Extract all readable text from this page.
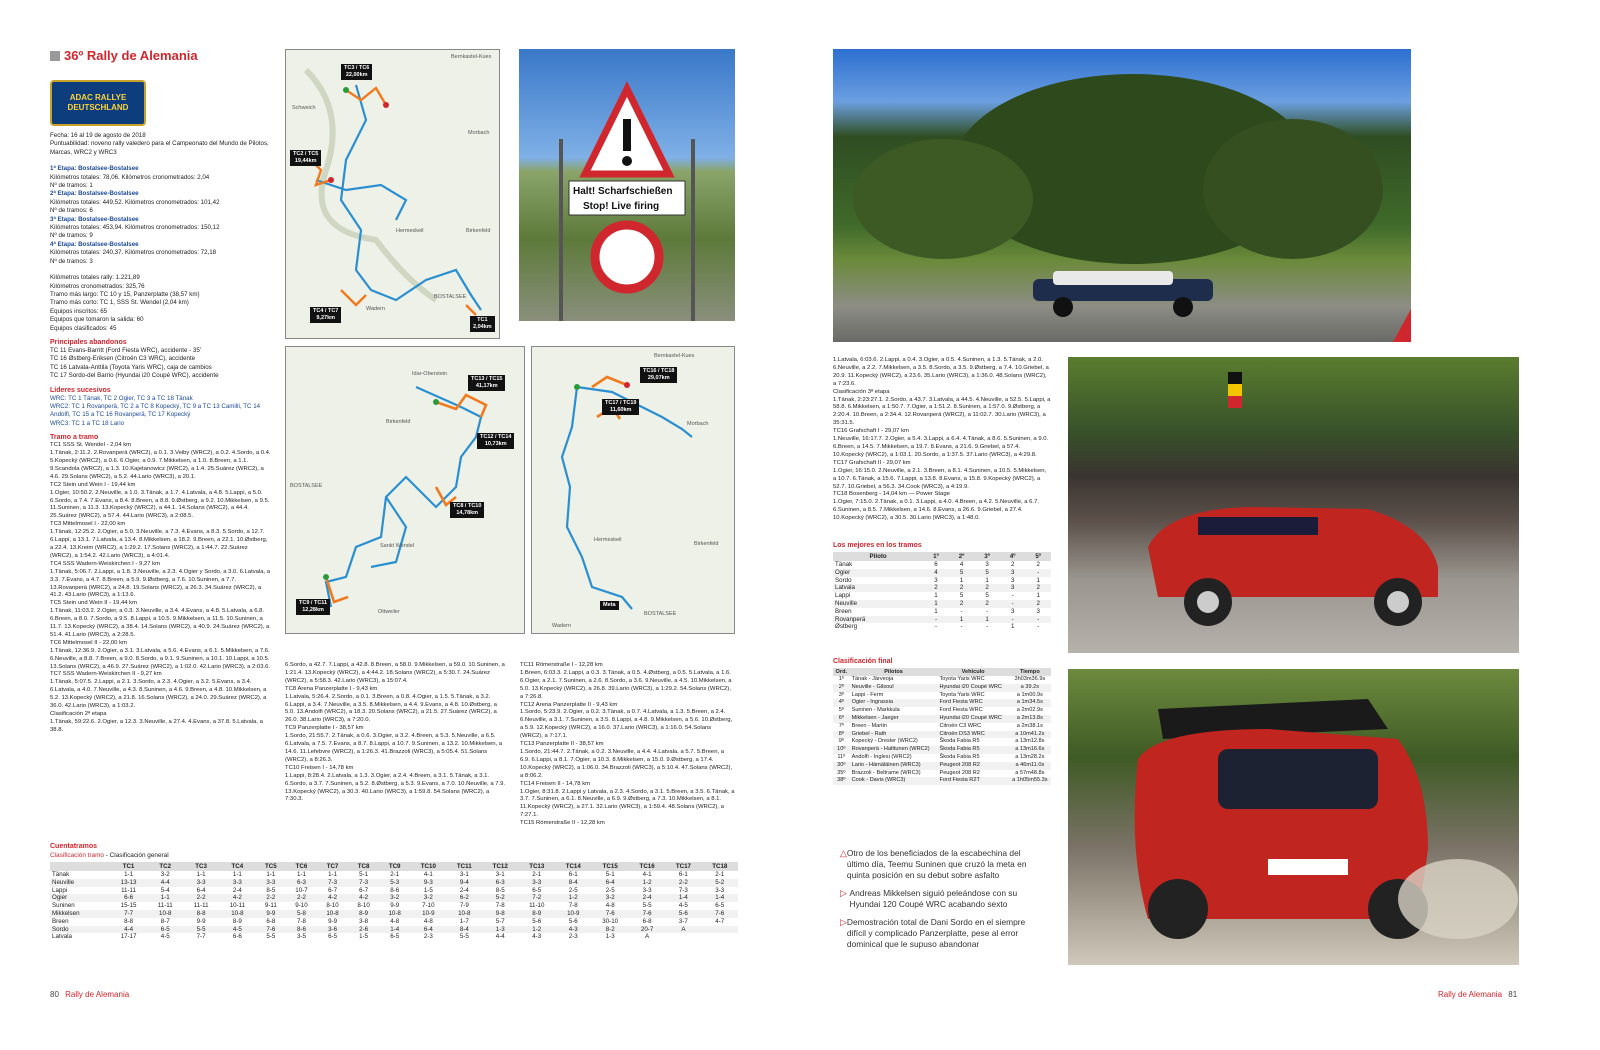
36º Rally de Alemania
ADAC RALLYE DEUTSCHLAND
Fecha: 16 al 19 de agosto de 2018
Puntuabilidad: noveno rally valedero para el Campeonato del Mundo de Pilotos, Marcas, WRC2 y WRC3
1ª Etapa: Bostalsee-Bostalsee
Kilómetros totales: 78,06. Kilómetros cronometrados: 2,04
Nº de tramos: 1
2ª Etapa: Bostalsee-Bostalsee
Kilómetros totales: 449,52. Kilómetros cronometrados: 101,42
Nº de tramos: 6
3ª Etapa: Bostalsee-Bostalsee
Kilómetros totales: 453,94. Kilómetros cronometrados: 150,12
Nº de tramos: 9
4ª Etapa: Bostalsee-Bostalsee
Kilómetros totales: 240,37. Kilómetros cronometrados: 72,18
Nº de tramos: 3
Kilómetros totales rally: 1.221,89
Kilómetros cronometrados: 325,76
Tramo más largo: TC 10 y 15, Panzerplatte (38,57 km)
Tramo más corto: TC 1, SSS St. Wendel (2,04 km)
Equipos inscritos: 65
Equipos que tomaron la salida: 60
Equipos clasificados: 45
Principales abandonos
TC 11 Evans-Barritt (Ford Fiesta WRC), accidente - 35'
TC 16 Østberg-Eriksen (Citroën C3 WRC), accidente
TC 16 Latvala-Anttila (Toyota Yaris WRC), caja de cambios
TC 17 Sordo-del Barrio (Hyundai i20 Coupé WRC), accidente
Líderes sucesivos
WRC: TC 1 Tänak, TC 2 Ogier, TC 3 a TC 18 Tänak
WRC2: TC 1 Rovanperä, TC 2 a TC 8 Kopecký, TC 9 a TC 13 Camilli, TC 14 Andolfi, TC 15 a TC 16 Rovanperä, TC 17 Kopecký
WRC3: TC 1 a TC 18 Lario
Tramo a tramo
TC1 SSS St. Wendel - 2,04 km
1.Tänak, 2:11.2. 2.Rovanperä (WRC2), a 0.1. 3.Veiby (WRC2), a 0.2. 4.Sordo, a 0.4. 5.Kopecký (WRC2), a 0.6. 6.Ogier, a 0.9. 7.Mikkelsen, a 1.0. 8.Breen, a 1.1. 9.Scandola (WRC2), a 1.3. 10.Kajetanowicz (WRC2), a 1.4. 25.Suárez (WRC2), a 4.6. 29.Solans (WRC2), a 5.2. 44.Lario (WRC3), a 20.1.
TC2 Stein und Wein I - 19,44 km
1.Ogier, 10:50.2. 2.Neuville, a 1.0. 3.Tänak, a 1.7. 4.Latvala, a 4.8. 5.Lappi, a 5.0. 6.Sordo, a 7.4. 7.Evans, a 8.4. 8.Breen, a 8.8. 9.Østberg, a 9.2. 10.Mikkelsen, a 9.5. 11.Suninen, a 11.3. 13.Kopecký (WRC2), a 44.1. 14.Solans (WRC2), a 44.4. 25.Suárez (WRC2), a 57.4. 44.Lario (WRC3), a 2:08.5.
TC3 Mittelmosel I - 22,00 km
1.Tänak, 12:25.2. 2.Ogier, a 5.0. 3.Neuville, a 7.3. 4.Evans, a 8.3. 5.Sordo, a 12.7. 6.Lappi, a 13.1. 7.Latvala, a 13.4. 8.Mikkelsen, a 18.2. 9.Breen, a 22.1. 10.Østberg, a 22.4. 13.Kreim (WRC2), a 1:29.2. 17.Solans (WRC2), a 1:44.7. 22.Suárez (WRC2), a 1:54.2. 42.Lario (WRC3), a 4:01.4.
TC4 SSS Wadern-Weiskirchen I - 9,27 km
1.Tänak, 5:06.7. 2.Lappi, a 1.8. 3.Neuville, a 2.3. 4.Ogier y Sordo, a 3.0. 6.Latvala, a 3.3. 7.Evans, a 4.7. 8.Breen, a 5.9. 9.Østberg, a 7.6. 10.Suninen, a 7.7. 13.Rovanperä (WRC2), a 24.8. 19.Solans (WRC2), a 26.3. 34.Suárez (WRC2), a 41.2. 43.Lario (WRC3), a 1:13.6.
TC5 Stein und Wein II - 19,44 km
1.Tänak, 11:03.2. 2.Ogier, a 0.3. 3.Neuville, a 3.4. 4.Evans, a 4.8. 5.Latvala, a 6.8. 6.Breen, a 8.0. 7.Sordo, a 9.5. 8.Lappi, a 10.5. 9.Mikkelsen, a 11.5. 10.Suninen, a 11.7. 13.Kopecký (WRC2), a 38.4. 14.Solans (WRC2), a 40.9. 24.Suárez (WRC2), a 51.4. 41.Lario (WRC3), a 2:28.5.
TC6 Mittelmosel II - 22,00 km
1.Tänak, 12:36.9. 2.Ogier, a 3.1. 3.Latvala, a 5.6. 4.Evans, a 6.1. 5.Mikkelsen, a 7.6. 6.Neuville, a 8.8. 7.Breen, a 9.0. 8.Sordo, a 9.1. 9.Suninen, a 10.1. 10.Lappi, a 10.5. 13.Solans (WRC2), a 46.9. 27.Suárez (WRC2), a 1:02.0. 42.Lario (WRC3), a 2:03.6.
TC7 SSS Wadern-Weiskirchen II - 9,27 km
1.Tänak, 5:07.5. 2.Lappi, a 2.1. 3.Sordo, a 2.3. 4.Ogier, a 3.2. 5.Evans, a 3.4. 6.Latvala, a 4.0. 7.Neuville, a 4.3. 8.Suninen, a 4.6. 9.Breen, a 4.8. 10.Mikkelsen, a 5.2. 13.Kopecký (WRC2), a 21.8. 16.Solans (WRC2), a 24.0. 29.Suárez (WRC2), a 36.0. 42.Lario (WRC3), a 1:03.2.
Clasificación 2ª etapa
1.Tänak, 59:22.6. 2.Ogier, a 12.3. 3.Neuville, a 27.4. 4.Evans, a 37.8. 5.Latvala, a 38.8.
Bernkastel-Kues
Schweich
Morbach
Hermeskeil	Birkenfeld
Wadern
BOSTALSEE
TC3 / TC6
22,00km
TC2 / TC5
19,44km
TC4 / TC7
9,27km	TC1
2,04km
Halt! Scharfschießen
Stop! Live firing
Idar-Oberstein
Birkenfeld
BOSTALSEE
Sankt Wendel
Ottweiler
TC13 / TC15
41,17km
TC12 / TC14
10,73km
TC8 / TC10
14,78km
TC9 / TC11
12,28km
Bernkastel-Kues
Morbach
Hermeskeil
Birkenfeld
Wadern
BOSTALSEE
TC16 / TC18
29,07km
TC17 / TC19
11,60km
Meta
6.Sordo, a 42.7. 7.Lappi, a 42.8. 8.Breen, a 58.0. 9.Mikkelsen, a 59.0. 10.Suninen, a 1:21.4. 13.Kopecký (WRC2), a 4:44.2. 18.Solans (WRC2), a 5:30.7. 24.Suárez (WRC2), a 5:58.3. 42.Lario (WRC3), a 15:07.4.
TC8 Arena Panzerplatte I - 9,43 km
1.Latvala, 5:26.4. 2.Sordo, a 0.1. 3.Breen, a 0.8. 4.Ogier, a 1.5. 5.Tänak, a 3.2. 6.Lappi, a 3.4. 7.Neuville, a 3.5. 8.Mikkelsen, a 4.4. 9.Evans, a 4.8. 10.Østberg, a 5.0. 13.Andolfi (WRC2), a 18.3. 20.Solans (WRC2), a 21.5. 27.Suárez (WRC2), a 26.0. 38.Lario (WRC3), a 7:20.0.
TC9 Panzerplatte I - 38,57 km
1.Sordo, 21:55.7. 2.Tänak, a 0.6. 3.Ogier, a 3.2. 4.Breen, a 5.3. 5.Neuville, a 6.5. 6.Latvala, a 7.5. 7.Evans, a 8.7. 8.Lappi, a 10.7. 9.Suninen, a 13.2. 10.Mikkelsen, a 14.6. 11.Lefebvre (WRC2), a 1:26.3. 41.Brazzoli (WRC3), a 5:05.4. 51.Solans (WRC2), a 8:26.3.
TC10 Freisen I - 14,78 km
1.Lappi, 8:28.4. 2.Latvala, a 1.3. 3.Ogier, a 2.4. 4.Breen, a 3.1. 5.Tänak, a 3.1. 6.Sordo, a 3.7. 7.Suninen, a 5.2. 8.Østberg, a 5.3. 9.Evans, a 7.0. 10.Neuville, a 7.9. 13.Kopecký (WRC2), a 30.3. 40.Lario (WRC3), a 1:59.8. 54.Solans (WRC2), a 7:30.3.
TC11 Römerstraße I - 12,28 km
1.Breen, 6:03.3. 2.Lappi, a 0.3. 3.Tänak, a 0.5. 4.Østberg, a 0.5. 5.Latvala, a 1.6. 6.Ogier, a 2.1. 7.Suninen, a 2.6. 8.Sordo, a 3.6. 9.Neuville, a 4.5. 10.Mikkelsen, a 5.0. 13.Kopecký (WRC2), a 26.8. 39.Lario (WRC3), a 1:29.2. 54.Solans (WRC2), a 7:26.8.
TC12 Arena Panzerplatte II - 9,43 km
1.Sordo, 5:23.9. 2.Ogier, a 0.2. 3.Tänak, a 0.7. 4.Latvala, a 1.3. 5.Breen, a 2.4. 6.Neuville, a 3.1. 7.Suninen, a 3.5. 8.Lappi, a 4.8. 9.Mikkelsen, a 5.6. 10.Østberg, a 5.9. 12.Kopecký (WRC2), a 16.0. 37.Lario (WRC3), a 1:16.0. 54.Solans (WRC2), a 7:17.1.
TC13 Panzerplatte II - 38,57 km
1.Sordo, 21:44.7. 2.Tänak, a 0.2. 3.Neuville, a 4.4. 4.Latvala, a 5.7. 5.Breen, a 6.9. 6.Lappi, a 8.1. 7.Ogier, a 10.3. 8.Mikkelsen, a 15.0. 9.Østberg, a 17.4. 10.Kopecký (WRC2), a 1:06.0. 34.Brazzoli (WRC3), a 5:10.4. 47.Solans (WRC2), a 8:06.2.
TC14 Freisen II - 14,78 km
1.Ogier, 8:31.8. 2.Lappi y Latvala, a 2.3. 4.Sordo, a 3.1. 5.Breen, a 3.5. 6.Tänak, a 3.7. 7.Suninen, a 6.1. 8.Neuville, a 6.9. 9.Østberg, a 7.3. 10.Mikkelsen, a 8.1. 11.Kopecký (WRC2), a 27.1. 32.Lario (WRC3), a 1:59.4. 48.Solans (WRC2), a 7:27.1.
TC15 Römerstraße II - 12,28 km
Cuentatramos
Clasificación tramo - Clasificación general
	TC1	TC2	TC3	TC4	TC5	TC6	TC7	TC8	TC9	TC10	TC11	TC12	TC13	TC14	TC15	TC16	TC17	TC18
Tänak	1-1	3-2	1-1	1-1	1-1	1-1	1-1	5-1	2-1	4-1	3-1	3-1	2-1	6-1	5-1	4-1	6-1	2-1
Neuville	13-13	4-4	3-3	3-3	3-3	6-3	7-3	7-3	5-3	9-3	9-4	6-3	3-3	8-4	6-4	1-2	2-2	5-2
Lappi	11-11	5-4	6-4	2-4	8-5	10-7	6-7	6-7	8-6	1-5	2-4	8-5	6-5	2-5	2-5	3-3	7-3	3-3
Ogier	6-6	1-1	2-2	4-2	2-2	2-2	4-2	4-2	3-2	3-2	6-2	5-2	7-2	1-2	3-2	2-4	1-4	1-4
Suninen	15-15	11-11	11-11	10-11	9-11	9-10	8-10	8-10	9-9	7-10	7-9	7-8	11-10	7-8	4-8	5-5	4-5	6-5
Mikkelsen	7-7	10-8	8-8	10-8	9-9	5-8	10-8	8-9	10-8	10-9	10-8	9-8	8-9	10-9	7-6	7-6	5-6	7-6
Breen	8-8	8-7	9-9	8-9	6-8	7-8	9-9	3-8	4-8	4-8	1-7	5-7	5-6	5-6	30-10	6-8	3-7	4-7
Sordo	4-4	6-5	5-5	4-5	7-6	8-6	3-6	2-6	1-4	6-4	8-4	1-3	1-2	4-3	8-2	20-7	A	
Latvala	17-17	4-5	7-7	6-6	5-5	3-5	6-5	1-5	6-5	2-3	5-5	4-4	4-3	2-3	1-3	A		
80 Rally de Alemania
1.Latvala, 6:03.6. 2.Lappi, a 0.4. 3.Ogier, a 0.5. 4.Suninen, a 1.3. 5.Tänak, a 2.0. 6.Neuville, a 2.2. 7.Mikkelsen, a 3.5. 8.Sordo, a 3.5. 9.Østberg, a 7.4. 10.Griebel, a 20.9. 11.Kopecký (WRC2), a 23.6. 35.Lario (WRC3), a 1:36.0. 48.Solans (WRC2), a 7:23.6.
Clasificación 3ª etapa
1.Tänak, 2:23:27.1. 2.Sordo, a 43.7. 3.Latvala, a 44.5. 4.Neuville, a 52.5. 5.Lappi, a 58.8. 6.Mikkelsen, a 1:50.7. 7.Ogier, a 1:51.2. 8.Suninen, a 1:57.0. 9.Østberg, a 2:20.4. 10.Breen, a 2:34.4. 12.Rovanperä (WRC2), a 11:02.7. 30.Lario (WRC3), a 35:31.5.
TC16 Grafschaft I - 29,07 km
1.Neuville, 16:17.7. 2.Ogier, a 5.4. 3.Lappi, a 6.4. 4.Tänak, a 8.6. 5.Suninen, a 9.0. 6.Breen, a 14.5. 7.Mikkelsen, a 19.7. 8.Evans, a 21.6. 9.Griebel, a 57.4. 10.Kopecký (WRC2), a 1:03.1. 20.Sordo, a 1:37.5. 37.Lario (WRC3), a 4:29.8.
TC17 Grafschaft II - 29,07 km
1.Ogier, 16:15.0. 2.Neuville, a 2.1. 3.Breen, a 8.1. 4.Suninen, a 10.5. 5.Mikkelsen, a 10.7. 6.Tänak, a 15.6. 7.Lappi, a 13.8. 8.Evans, a 15.8. 9.Kopecký (WRC2), a 52.7. 10.Griebel, a 56.3. 34.Cook (WRC3), a 4:19.9.
TC18 Bosenberg - 14,04 km — Power Stage
1.Ogier, 7:15.0. 2.Tänak, a 0.1. 3.Lappi, a 4.0. 4.Breen, a 4.2. 5.Neuville, a 6.7. 6.Suninen, a 8.5. 7.Mikkelsen, a 14.6. 8.Evans, a 26.6. 9.Griebel, a 27.4. 10.Kopecký (WRC2), a 30.5. 30.Lario (WRC3), a 1:48.0.
Los mejores en los tramos
Piloto	1º	2º	3º	4º	5º
Tänak	6	4	3	2	2
Ogier	4	5	5	3	-
Sordo	3	1	1	3	1
Latvala	2	2	2	3	2
Lappi	1	5	5	-	1
Neuville	1	2	2	-	2
Breen	1	-	-	3	3
Rovanperä	-	1	1	-	-
Østberg	-	-	-	1	-
Clasificación final
Ord.	Pilotos	Vehículo	Tiempo
1º	Tänak - Järveoja	Toyota Yaris WRC	3h03m36.9s
2º	Neuville - Gilsoul	Hyundai i20 Coupé WRC	a 39.2s
3º	Lappi - Ferm	Toyota Yaris WRC	a 1m00.9s
4º	Ogier - Ingrassia	Ford Fiesta WRC	a 1m34.5s
5º	Suninen - Markkula	Ford Fiesta WRC	a 2m02.9s
6º	Mikkelsen - Jaeger	Hyundai i20 Coupé WRC	a 2m13.8s
7º	Breen - Martin	Citroën C3 WRC	a 2m38.1s
8º	Griebel - Rath	Citroën DS3 WRC	a 10m41.2s
9º	Kopecký - Dresler (WRC2)	Škoda Fabia R5	a 13m12.8s
10º	Rovanperä - Halttunen (WRC2)	Škoda Fabia R5	a 13m16.6s
11º	Andolfi - Inglesi (WRC2)	Škoda Fabia R5	a 13m28.2s
30º	Lario - Hämäläinen (WRC3)	Peugeot 208 R2	a 46m11.0s
35º	Brazzoli - Beltrame (WRC3)	Peugeot 208 R2	a 57m48.8s
38º	Cook - Davis (WRC3)	Ford Fiesta R2T	a 1h05m55.3s
△ Otro de los beneficiados de la escabechina del último día, Teemu Suninen que cruzó la meta en quinta posición en su debut sobre asfalto
▷ Andreas Mikkelsen siguió peleándose con su Hyundai 120 Coupé WRC acabando sexto
▷ Demostración total de Dani Sordo en el siempre difícil y complicado Panzerplatte, pese al error dominical que le supuso abandonar
Rally de Alemania 81
